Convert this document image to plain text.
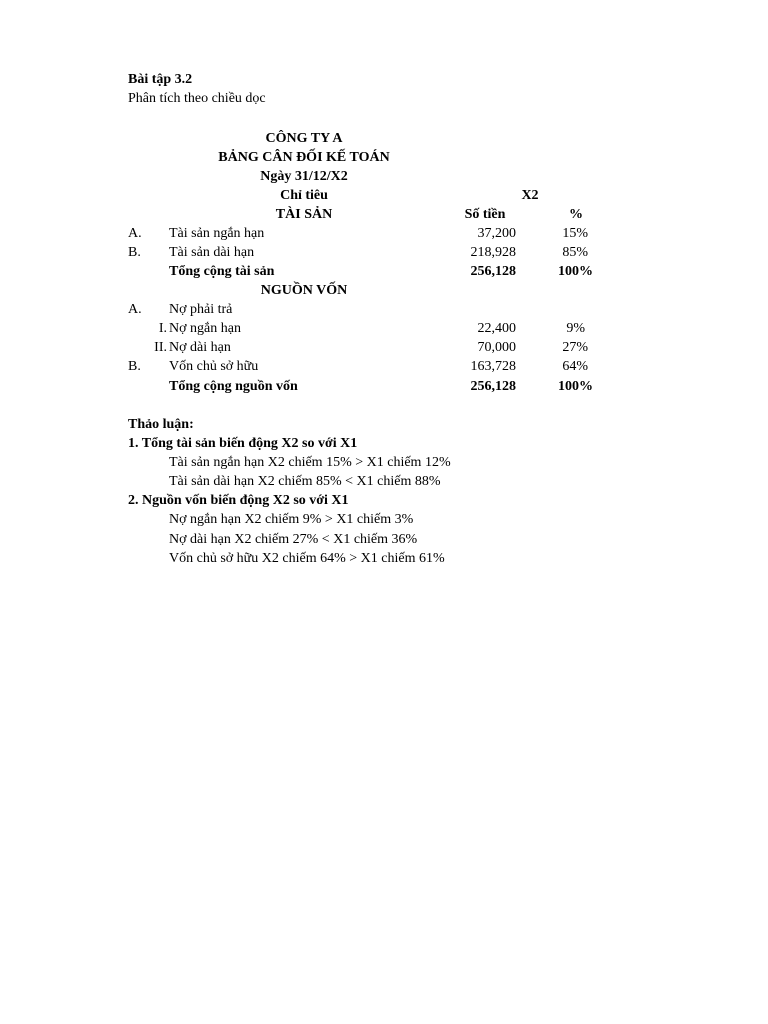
Bài tập 3.2
Phân tích theo chiều dọc
CÔNG TY A
BẢNG CÂN ĐỐI KẾ TOÁN
Ngày 31/12/X2
Chỉ tiêu	X2
TÀI SẢN	Số tiền	%
A. Tài sản ngắn hạn	37,200	15%
B. Tài sản dài hạn	218,928	85%
Tổng cộng tài sản	256,128	100%
NGUỒN VỐN
A. Nợ phải trả
I. Nợ ngắn hạn	22,400	9%
II. Nợ dài hạn	70,000	27%
B. Vốn chủ sở hữu	163,728	64%
Tổng cộng nguồn vốn	256,128	100%
Thảo luận:
1. Tổng tài sản biến động X2 so với X1
Tài sản ngắn hạn X2 chiếm 15% > X1 chiếm 12%
Tài sản dài hạn X2 chiếm 85% < X1 chiếm 88%
2. Nguồn vốn biến động X2 so với X1
Nợ ngắn hạn X2 chiếm 9% > X1 chiếm 3%
Nợ dài hạn X2 chiếm 27% < X1 chiếm 36%
Vốn chủ sở hữu X2 chiếm 64% > X1 chiếm 61%
